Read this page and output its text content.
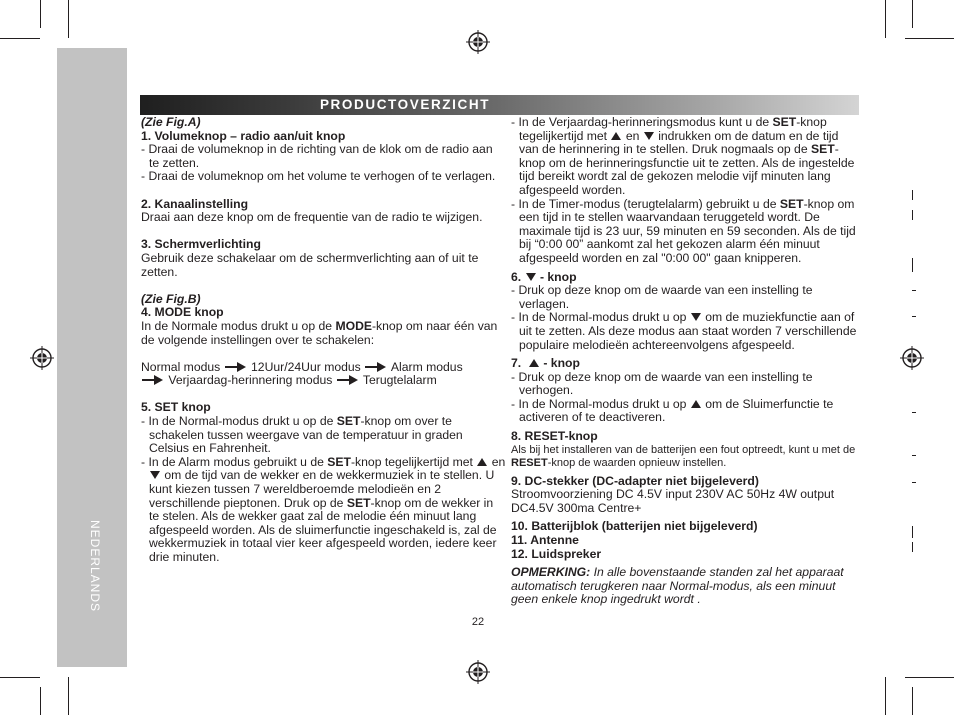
NEDERLANDS
PRODUCTOVERZICHT

(Zie Fig.A)

1. Volumeknop – radio aan/uit knop

- Draai de volumeknop in de richting van de klok om de radio aan te zetten.

- Draai de volumeknop om het volume te verhogen of te verlagen.

2. Kanaalinstelling

Draai aan deze knop om de frequentie van de radio te wijzigen.

3. Schermverlichting

Gebruik deze schakelaar om de schermverlichting aan of uit te zetten.

(Zie Fig.B)

4. MODE knop

In de Normale modus drukt u op de MODE-knop om naar één van de volgende instellingen over te schakelen:

Normal modus	12Uur/24Uur modus Alarm modus
Verjaardag-herinnering modus	Terugtelalarm

5. SET knop

- In de Normal-modus drukt u op de SET-knop om over te schakelen tussen weergave van de temperatuur in graden Celsius en Fahrenheit.

- In de Alarm modus gebruikt u de SET-knop tegelijkertijd met en  om de tijd van de wekker en de wekkermuziek in te stellen. U kunt kiezen tussen 7 wereldberoemde melodieën en 2 verschillende pieptonen. Druk op de SET-knop om de wekker in te stelen. Als de wekker gaat zal de melodie één minuut lang afgespeeld worden. Als de sluimerfunctie ingeschakeld is, zal de wekkermuziek in totaal vier keer afgespeeld worden, iedere keer drie minuten.

- In de Verjaardag-herinneringsmodus kunt u de SET-knop tegelijkertijd met en indrukken om de datum en de tijd van de herinnering in te stellen. Druk nogmaals op de SET-knop om de herinneringsfunctie uit te zetten. Als de ingestelde tijd bereikt wordt zal de gekozen melodie vijf minuten lang afgespeeld worden.

- In de Timer-modus (terugtelalarm) gebruikt u de SET-knop om een tijd in te stellen waarvandaan teruggeteld wordt. De maximale tijd is 23 uur, 59 minuten en 59 seconden. Als de tijd bij “0:00 00” aankomt zal het gekozen alarm één minuut afgespeeld worden en zal "0:00 00" gaan knipperen.

6. - knop

- Druk op deze knop om de waarde van een instelling te verlagen.

- In de Normal-modus drukt u op om de muziekfunctie aan of uit te zetten. Als deze modus aan staat worden 7 verschillende populaire melodieën achtereenvolgens afgespeeld.

7. - knop

- Druk op deze knop om de waarde van een instelling te verhogen.

- In de Normal-modus drukt u op om de Sluimerfunctie te activeren of te deactiveren.

8. RESET-knop

Als bij het installeren van de batterijen een fout optreedt, kunt u met de RESET-knop de waarden opnieuw instellen.

9. DC-stekker (DC-adapter niet bijgeleverd)

Stroomvoorziening DC 4.5V input 230V AC 50Hz 4W output DC4.5V 300ma Centre+

10. Batterijblok (batterijen niet bijgeleverd)

11. Antenne

12. Luidspreker

OPMERKING: In alle bovenstaande standen zal het apparaat automatisch terugkeren naar Normal-modus, als een minuut geen enkele knop ingedrukt wordt .

22
